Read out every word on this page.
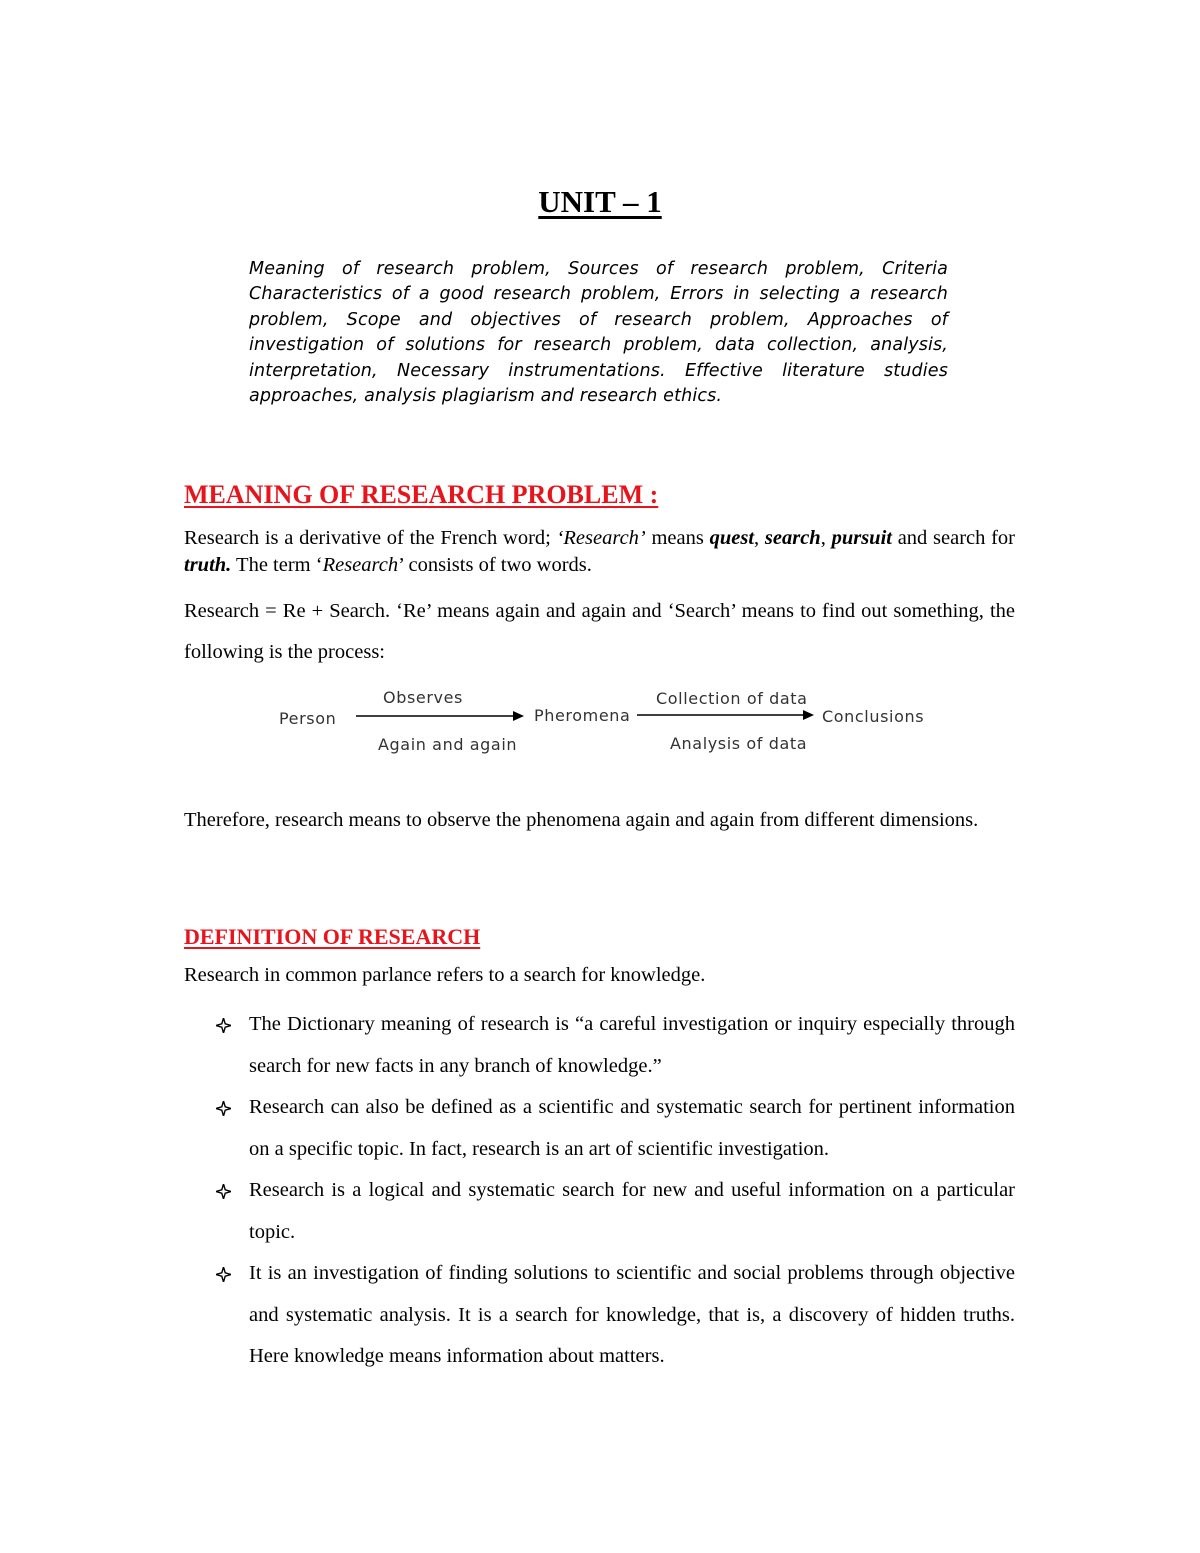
UNIT – 1
Meaning of research problem, Sources of research problem, Criteria Characteristics of a good research problem, Errors in selecting a research problem, Scope and objectives of research problem, Approaches of investigation of solutions for research problem, data collection, analysis, interpretation, Necessary instrumentations. Effective literature studies approaches, analysis plagiarism and research ethics.
MEANING OF RESEARCH PROBLEM :
Research is a derivative of the French word; ‘Research’ means quest, search, pursuit and search for truth. The term ‘Research’ consists of two words.
Research = Re + Search. ‘Re’ means again and again and ‘Search’ means to find out something, the following is the process:
Person
Observes
Again and again
Pheromena
Collection of data
Analysis of data
Conclusions
Therefore, research means to observe the phenomena again and again from different dimensions.
DEFINITION OF RESEARCH
Research in common parlance refers to a search for knowledge.
The Dictionary meaning of research is “a careful investigation or inquiry especially through search for new facts in any branch of knowledge.”
Research can also be defined as a scientific and systematic search for pertinent information on a specific topic. In fact, research is an art of scientific investigation.
Research is a logical and systematic search for new and useful information on a particular topic.
It is an investigation of finding solutions to scientific and social problems through objective and systematic analysis. It is a search for knowledge, that is, a discovery of hidden truths. Here knowledge means information about matters.
